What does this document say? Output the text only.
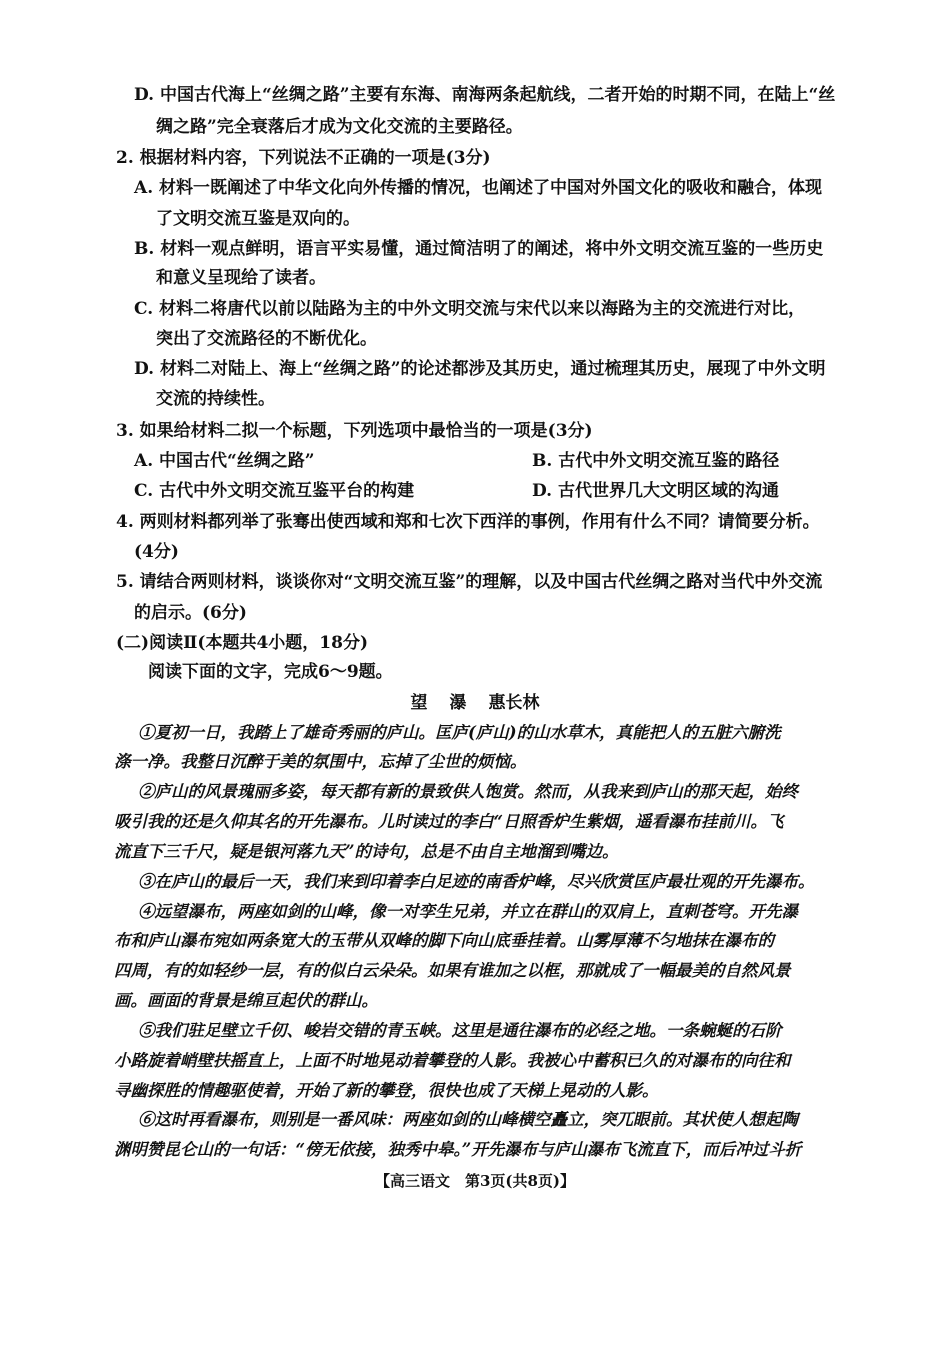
D. 中国古代海上“丝绸之路”主要有东海、南海两条起航线，二者开始的时期不同，在陆上“丝
绸之路”完全衰落后才成为文化交流的主要路径。
2. 根据材料内容，下列说法不正确的一项是(3分)
A. 材料一既阐述了中华文化向外传播的情况，也阐述了中国对外国文化的吸收和融合，体现
了文明交流互鉴是双向的。
B. 材料一观点鲜明，语言平实易懂，通过简洁明了的阐述，将中外文明交流互鉴的一些历史
和意义呈现给了读者。
C. 材料二将唐代以前以陆路为主的中外文明交流与宋代以来以海路为主的交流进行对比，
突出了交流路径的不断优化。
D. 材料二对陆上、海上“丝绸之路”的论述都涉及其历史，通过梳理其历史，展现了中外文明
交流的持续性。
3. 如果给材料二拟一个标题，下列选项中最恰当的一项是(3分)
A. 中国古代“丝绸之路”	B. 古代中外文明交流互鉴的路径
C. 古代中外文明交流互鉴平台的构建	D. 古代世界几大文明区域的沟通
4. 两则材料都列举了张骞出使西域和郑和七次下西洋的事例，作用有什么不同？请简要分析。
(4分)
5. 请结合两则材料，谈谈你对“文明交流互鉴”的理解，以及中国古代丝绸之路对当代中外交流
的启示。(6分)
(二)阅读Ⅱ(本题共4小题，18分)
阅读下面的文字，完成6～9题。
望 瀑 惠长林
①夏初一日，我踏上了雄奇秀丽的庐山。匡庐(庐山)的山水草木，真能把人的五脏六腑洗
涤一净。我整日沉醉于美的氛围中，忘掉了尘世的烦恼。
②庐山的风景瑰丽多姿，每天都有新的景致供人饱赏。然而，从我来到庐山的那天起，始终
吸引我的还是久仰其名的开先瀑布。儿时读过的李白“日照香炉生紫烟，遥看瀑布挂前川。飞
流直下三千尺，疑是银河落九天”的诗句，总是不由自主地溜到嘴边。
③在庐山的最后一天，我们来到印着李白足迹的南香炉峰，尽兴欣赏匡庐最壮观的开先瀑布。
④远望瀑布，两座如剑的山峰，像一对孪生兄弟，并立在群山的双肩上，直刺苍穹。开先瀑
布和庐山瀑布宛如两条宽大的玉带从双峰的脚下向山底垂挂着。山雾厚薄不匀地抹在瀑布的
四周，有的如轻纱一层，有的似白云朵朵。如果有谁加之以框，那就成了一幅最美的自然风景
画。画面的背景是绵亘起伏的群山。
⑤我们驻足壁立千仞、峻岩交错的青玉峡。这里是通往瀑布的必经之地。一条蜿蜒的石阶
小路旋着峭壁扶摇直上，上面不时地晃动着攀登的人影。我被心中蓄积已久的对瀑布的向往和
寻幽探胜的情趣驱使着，开始了新的攀登，很快也成了天梯上晃动的人影。
⑥这时再看瀑布，则别是一番风味：两座如剑的山峰横空矗立，突兀眼前。其状使人想起陶
渊明赞昆仑山的一句话：“傍无依接，独秀中皋。”开先瀑布与庐山瀑布飞流直下，而后冲过斗折
【高三语文　第3页(共8页)】
